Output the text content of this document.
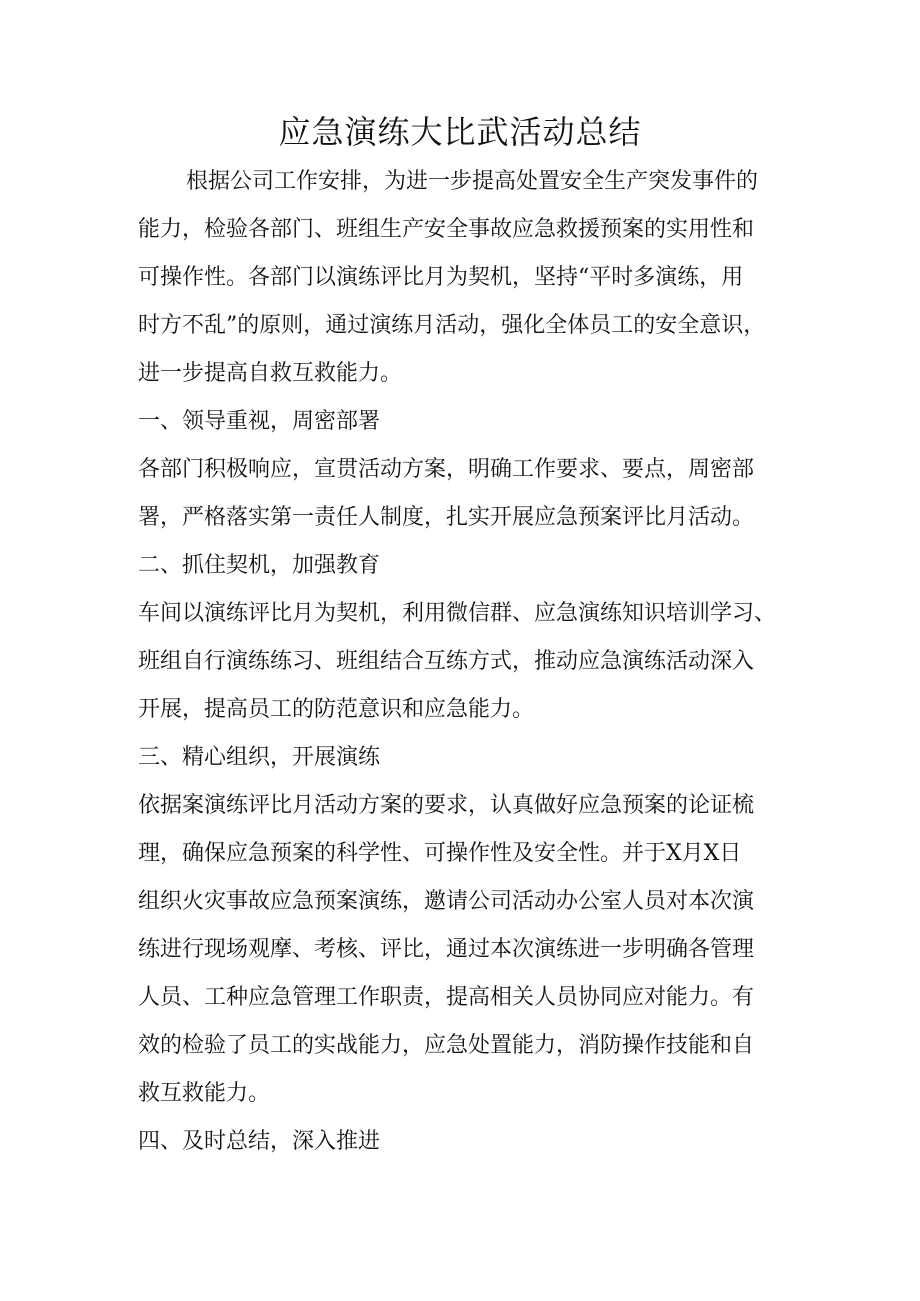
应急演练大比武活动总结
根据公司工作安排，为进一步提高处置安全生产突发事件的
能力，检验各部门、班组生产安全事故应急救援预案的实用性和
可操作性。各部门以演练评比月为契机，坚持“平时多演练，用
时方不乱”的原则，通过演练月活动，强化全体员工的安全意识，
进一步提高自救互救能力。
一、领导重视，周密部署
各部门积极响应，宣贯活动方案，明确工作要求、要点，周密部
署，严格落实第一责任人制度，扎实开展应急预案评比月活动。
二、抓住契机，加强教育
车间以演练评比月为契机，利用微信群、应急演练知识培训学习、
班组自行演练练习、班组结合互练方式，推动应急演练活动深入
开展，提高员工的防范意识和应急能力。
三、精心组织，开展演练
依据案演练评比月活动方案的要求，认真做好应急预案的论证梳
理，确保应急预案的科学性、可操作性及安全性。并于X月X日
组织火灾事故应急预案演练，邀请公司活动办公室人员对本次演
练进行现场观摩、考核、评比，通过本次演练进一步明确各管理
人员、工种应急管理工作职责，提高相关人员协同应对能力。有
效的检验了员工的实战能力，应急处置能力，消防操作技能和自
救互救能力。
四、及时总结，深入推进
